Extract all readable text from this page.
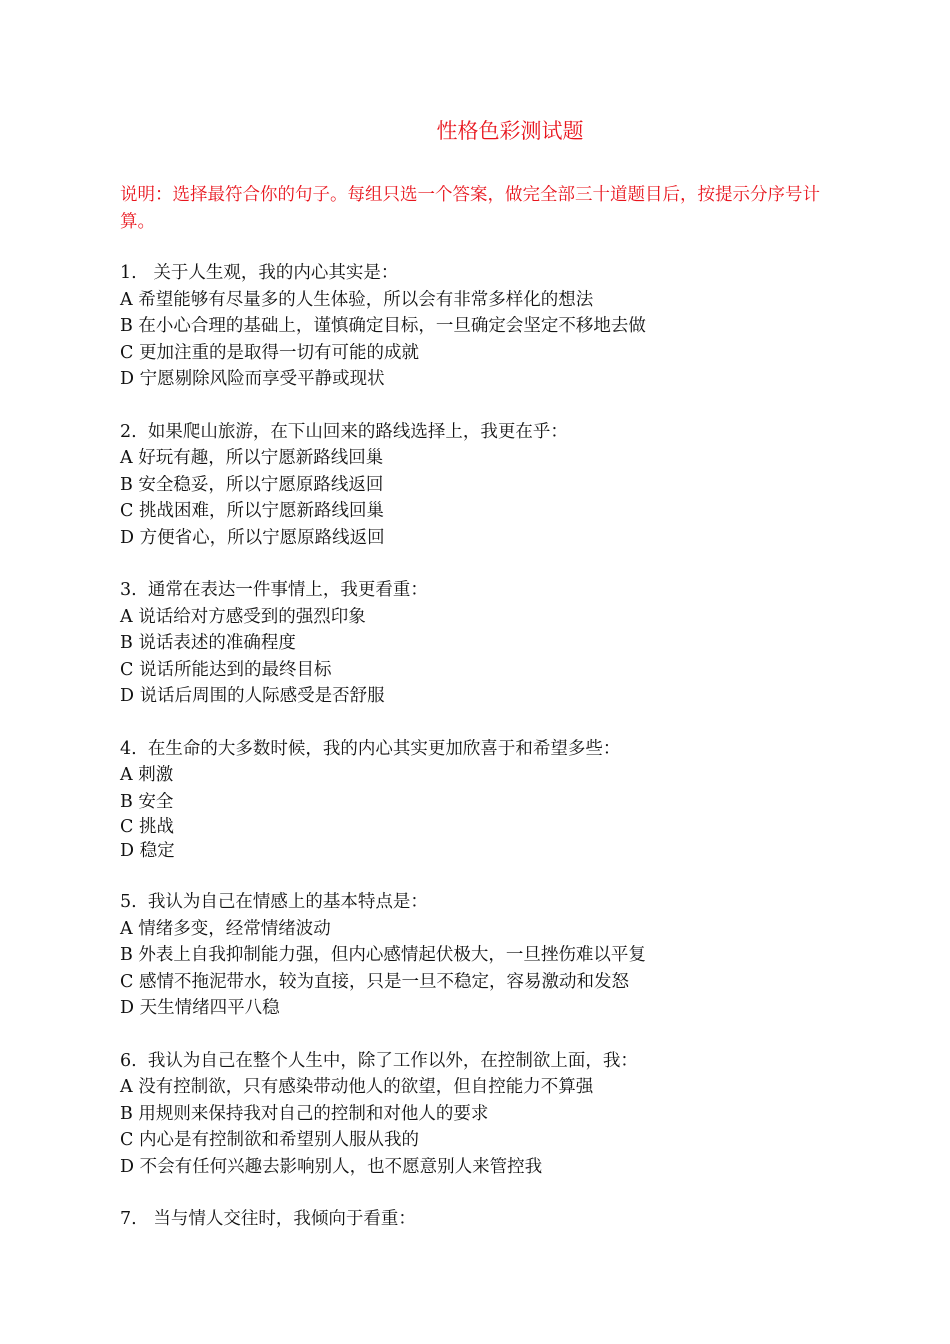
性格色彩测试题

说明：选择最符合你的句子。每组只选一个答案，做完全部三十道题目后，按提示分序号计算。

1.   关于人生观，我的内心其实是：

A 希望能够有尽量多的人生体验，所以会有非常多样化的想法

B 在小心合理的基础上，谨慎确定目标，一旦确定会坚定不移地去做

C 更加注重的是取得一切有可能的成就

D 宁愿剔除风险而享受平静或现状

2.  如果爬山旅游，在下山回来的路线选择上，我更在乎：

A 好玩有趣，所以宁愿新路线回巢

B 安全稳妥，所以宁愿原路线返回

C 挑战困难，所以宁愿新路线回巢

D 方便省心，所以宁愿原路线返回

3.  通常在表达一件事情上，我更看重：

A 说话给对方感受到的强烈印象

B 说话表述的准确程度

C 说话所能达到的最终目标

D 说话后周围的人际感受是否舒服

4.  在生命的大多数时候，我的内心其实更加欣喜于和希望多些：

A 刺激

B 安全

C 挑战

D 稳定

5.  我认为自己在情感上的基本特点是：

A 情绪多变，经常情绪波动

B 外表上自我抑制能力强，但内心感情起伏极大，一旦挫伤难以平复

C 感情不拖泥带水，较为直接，只是一旦不稳定，容易激动和发怒

D 天生情绪四平八稳

6.  我认为自己在整个人生中，除了工作以外，在控制欲上面，我：

A 没有控制欲，只有感染带动他人的欲望，但自控能力不算强

B 用规则来保持我对自己的控制和对他人的要求

C 内心是有控制欲和希望别人服从我的

D 不会有任何兴趣去影响别人，也不愿意别人来管控我

7.   当与情人交往时，我倾向于看重：
